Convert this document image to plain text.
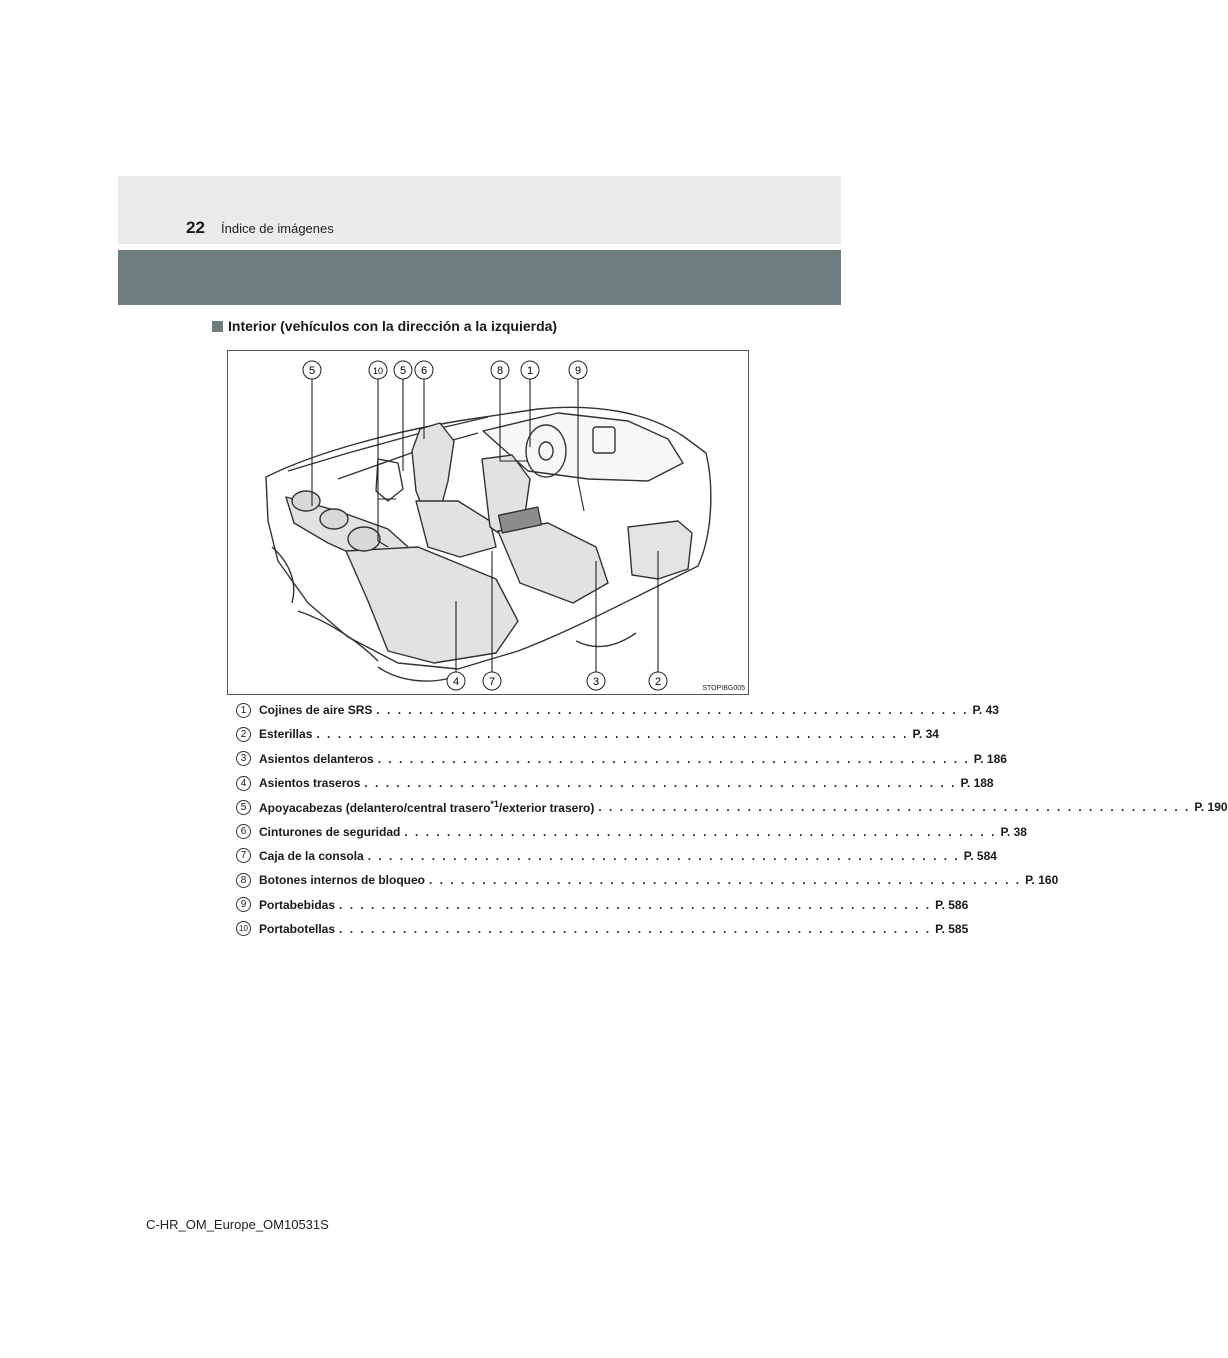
22 Índice de imágenes
Interior (vehículos con la dirección a la izquierda)
5	10 5 6	8 1	9
4	7	3	2
STOPIBG005
1	Cojines de aire SRS . . . . . . . . . . . . . . . . . . . . . . . . . . . . . . . . . . . . . . . . . . . . . . . . . . . . . . . . P. 43
2	Esterillas . . . . . . . . . . . . . . . . . . . . . . . . . . . . . . . . . . . . . . . . . . . . . . . . . . . . . . . . P. 34
3	Asientos delanteros . . . . . . . . . . . . . . . . . . . . . . . . . . . . . . . . . . . . . . . . . . . . . . . . . . . . . . . . P. 186
4	Asientos traseros . . . . . . . . . . . . . . . . . . . . . . . . . . . . . . . . . . . . . . . . . . . . . . . . . . . . . . . . P. 188
5	Apoyacabezas (delantero/central trasero$^{*1}$/exterior trasero) . . . . . . . . . . . . . . . . . . . . . . . . . . . . . . . . . . . . . . . . . . . . . . . . . . . . . . . . P. 190
6	Cinturones de seguridad . . . . . . . . . . . . . . . . . . . . . . . . . . . . . . . . . . . . . . . . . . . . . . . . . . . . . . . . P. 38
7	Caja de la consola . . . . . . . . . . . . . . . . . . . . . . . . . . . . . . . . . . . . . . . . . . . . . . . . . . . . . . . . P. 584
8	Botones internos de bloqueo . . . . . . . . . . . . . . . . . . . . . . . . . . . . . . . . . . . . . . . . . . . . . . . . . . . . . . . . P. 160
9	Portabebidas . . . . . . . . . . . . . . . . . . . . . . . . . . . . . . . . . . . . . . . . . . . . . . . . . . . . . . . . P. 586
10 Portabotellas . . . . . . . . . . . . . . . . . . . . . . . . . . . . . . . . . . . . . . . . . . . . . . . . . . . . . . . . P. 585
C-HR_OM_Europe_OM10531S
